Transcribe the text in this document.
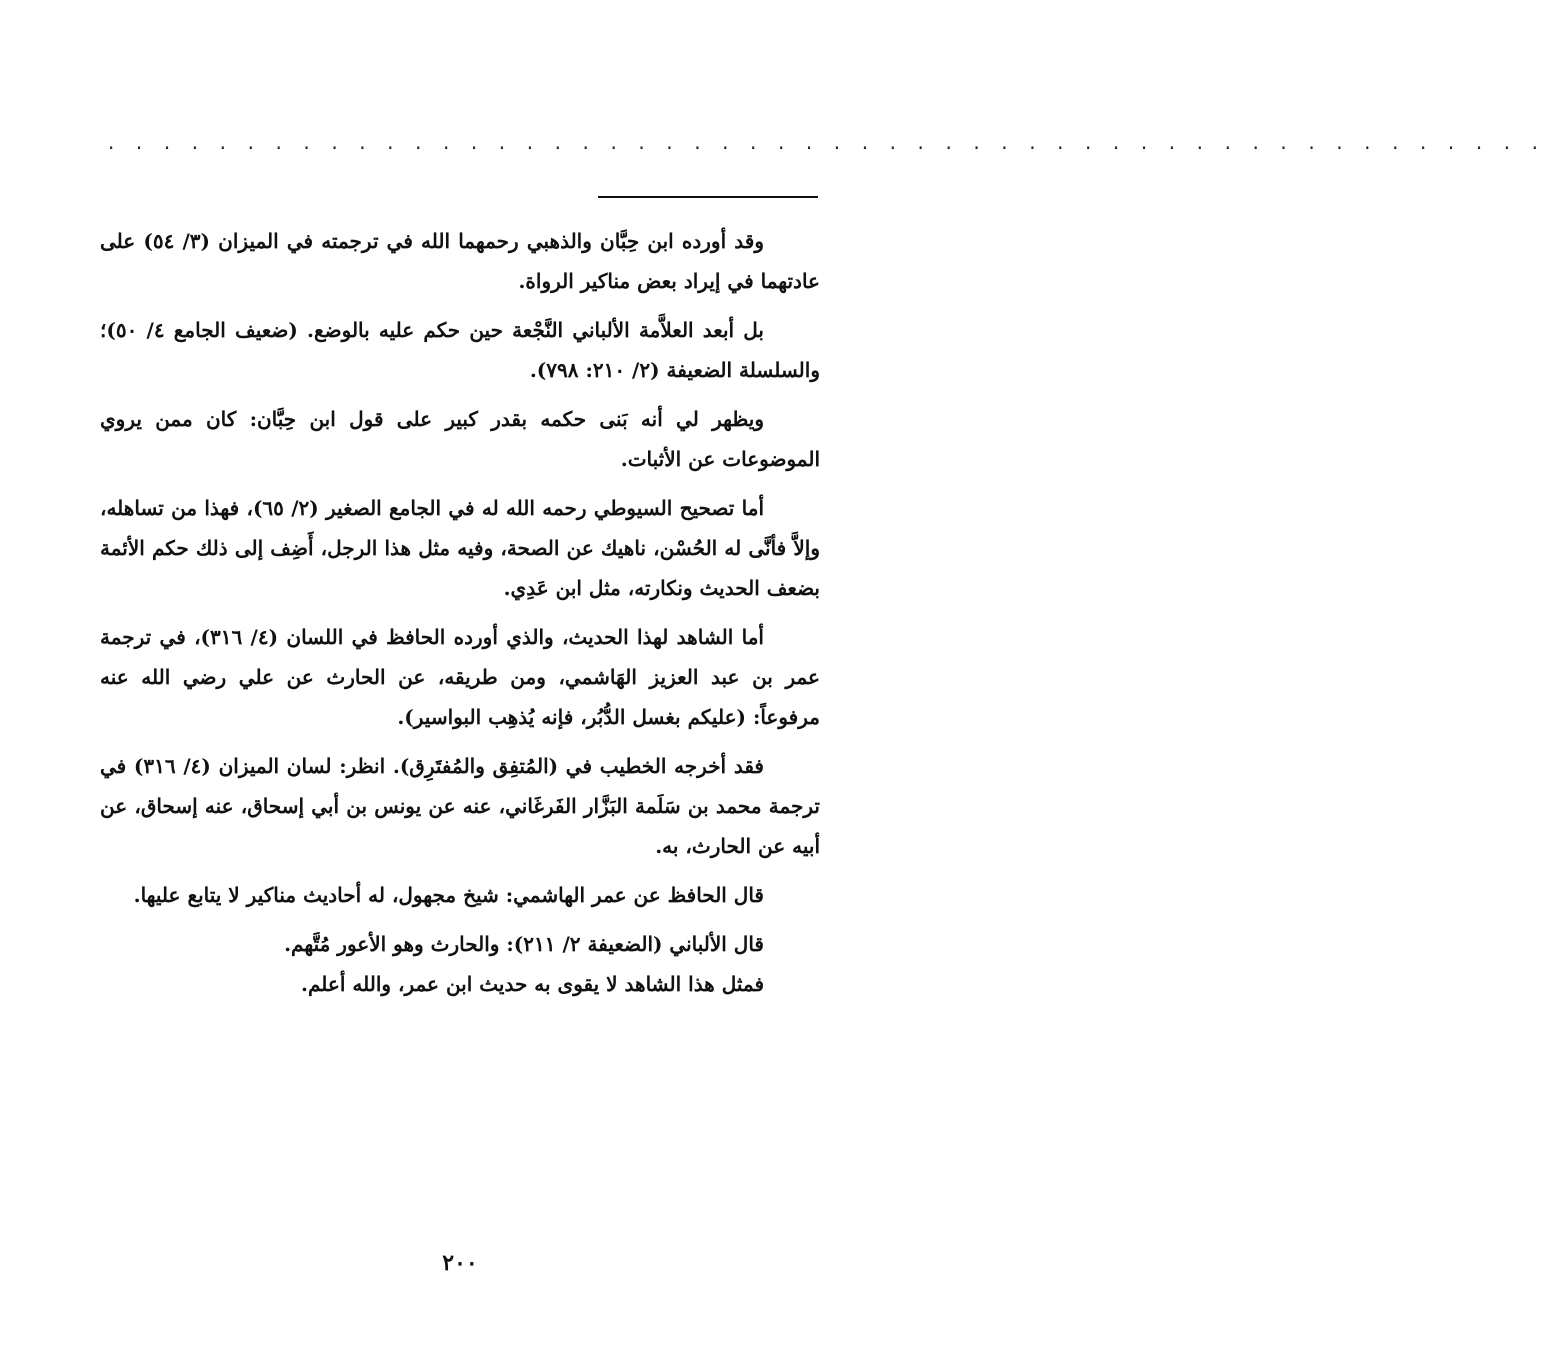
· · · · · · · · · · · · · · · · · · · · · · · · · · · · · · · · · · · · · · · · · · · · · · · · · · · ·

وقد أورده ابن حِبَّان والذهبي رحمهما الله في ترجمته في الميزان (٣/ ٥٤) على عادتهما في إيراد بعض مناكير الرواة.

بل أبعد العلاَّمة الألباني النَّجْعة حين حكم عليه بالوضع. (ضعيف الجامع ٤/ ٥٠)؛ والسلسلة الضعيفة (٢/ ٢١٠: ٧٩٨).

ويظهر لي أنه بَنى حكمه بقدر كبير على قول ابن حِبَّان: كان ممن يروي الموضوعات عن الأثبات.

أما تصحيح السيوطي رحمه الله له في الجامع الصغير (٢/ ٦٥)، فهذا من تساهله، وإلاَّ فأنَّى له الحُسْن، ناهيك عن الصحة، وفيه مثل هذا الرجل، أَضِف إلى ذلك حكم الأئمة بضعف الحديث ونكارته، مثل ابن عَدِي.

أما الشاهد لهذا الحديث، والذي أورده الحافظ في اللسان (٤/ ٣١٦)، في ترجمة عمر بن عبد العزيز الهَاشمي، ومن طريقه، عن الحارث عن علي رضي الله عنه مرفوعاً: (عليكم بغسل الدُّبُر، فإنه يُذهِب البواسير).

فقد أخرجه الخطيب في (المُتفِق والمُفتَرِق). انظر: لسان الميزان (٤/ ٣١٦) في ترجمة محمد بن سَلَمة البَزَّار الفَرغَاني، عنه عن يونس بن أبي إسحاق، عنه إسحاق، عن أبيه عن الحارث، به.

قال الحافظ عن عمر الهاشمي: شيخ مجهول، له أحاديث مناكير لا يتابع عليها.

قال الألباني (الضعيفة ٢/ ٢١١): والحارث وهو الأعور مُتَّهم.

فمثل هذا الشاهد لا يقوى به حديث ابن عمر، والله أعلم.

٢٠٠
